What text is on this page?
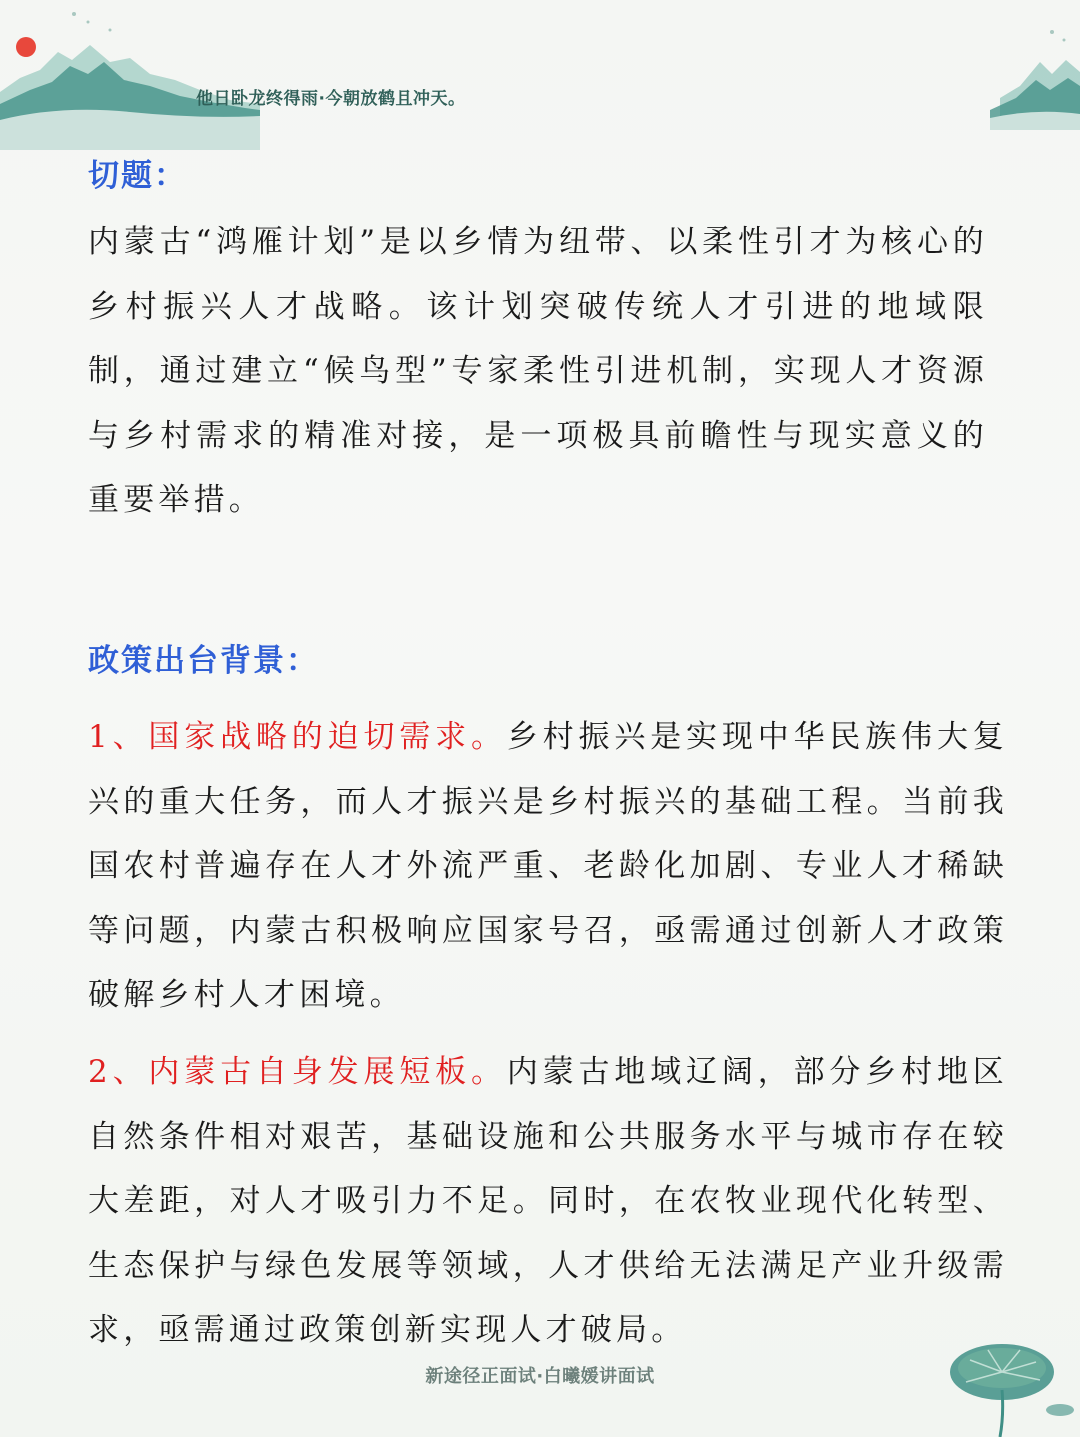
他日卧龙终得雨·今朝放鹤且冲天。
切题：

内蒙古“鸿雁计划”是以乡情为纽带、以柔性引才为核心的乡村振兴人才战略。该计划突破传统人才引进的地域限制，通过建立“候鸟型”专家柔性引进机制，实现人才资源与乡村需求的精准对接，是一项极具前瞻性与现实意义的重要举措。

政策出台背景：

1、国家战略的迫切需求。乡村振兴是实现中华民族伟大复兴的重大任务，而人才振兴是乡村振兴的基础工程。当前我国农村普遍存在人才外流严重、老龄化加剧、专业人才稀缺等问题，内蒙古积极响应国家号召，亟需通过创新人才政策破解乡村人才困境。

2、内蒙古自身发展短板。内蒙古地域辽阔，部分乡村地区自然条件相对艰苦，基础设施和公共服务水平与城市存在较大差距，对人才吸引力不足。同时，在农牧业现代化转型、生态保护与绿色发展等领域，人才供给无法满足产业升级需求，亟需通过政策创新实现人才破局。

新途径正面试·白曦媛讲面试
